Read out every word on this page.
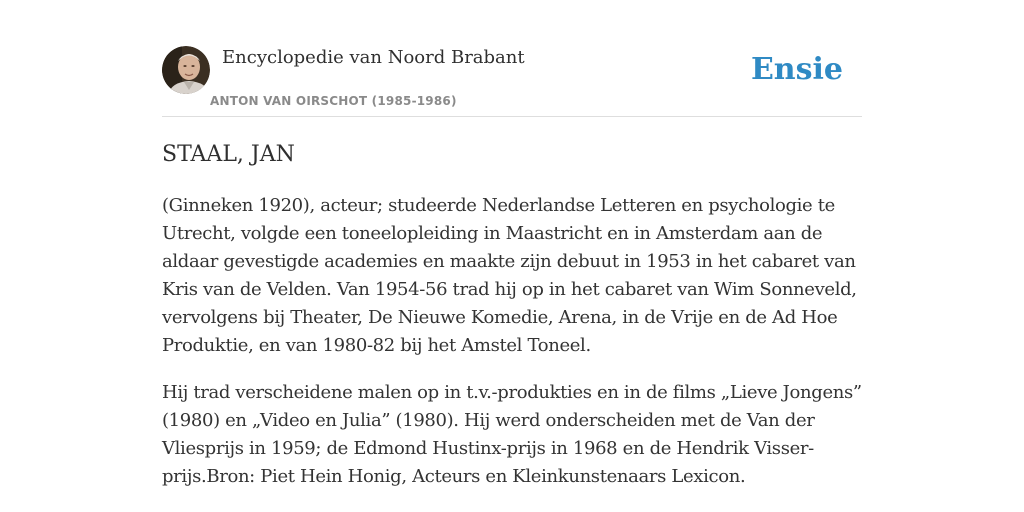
Encyclopedie van Noord Brabant
ANTON VAN OIRSCHOT (1985-1986)
Ensie
STAAL, JAN

(Ginneken 1920), acteur; studeerde Nederlandse Letteren en psychologie te Utrecht, volgde een toneelopleiding in Maastricht en in Amsterdam aan de aldaar gevestigde academies en maakte zijn debuut in 1953 in het cabaret van Kris van de Velden. Van 1954-56 trad hij op in het cabaret van Wim Sonneveld, vervolgens bij Theater, De Nieuwe Komedie, Arena, in de Vrije en de Ad Hoe Produktie, en van 1980-82 bij het Amstel Toneel.

Hij trad verscheidene malen op in t.v.-produkties en in de films „Lieve Jongens” (1980) en „Video en Julia” (1980). Hij werd onderscheiden met de Van der Vliesprijs in 1959; de Edmond Hustinx-prijs in 1968 en de Hendrik Visser-prijs.Bron: Piet Hein Honig, Acteurs en Kleinkunstenaars Lexicon.
